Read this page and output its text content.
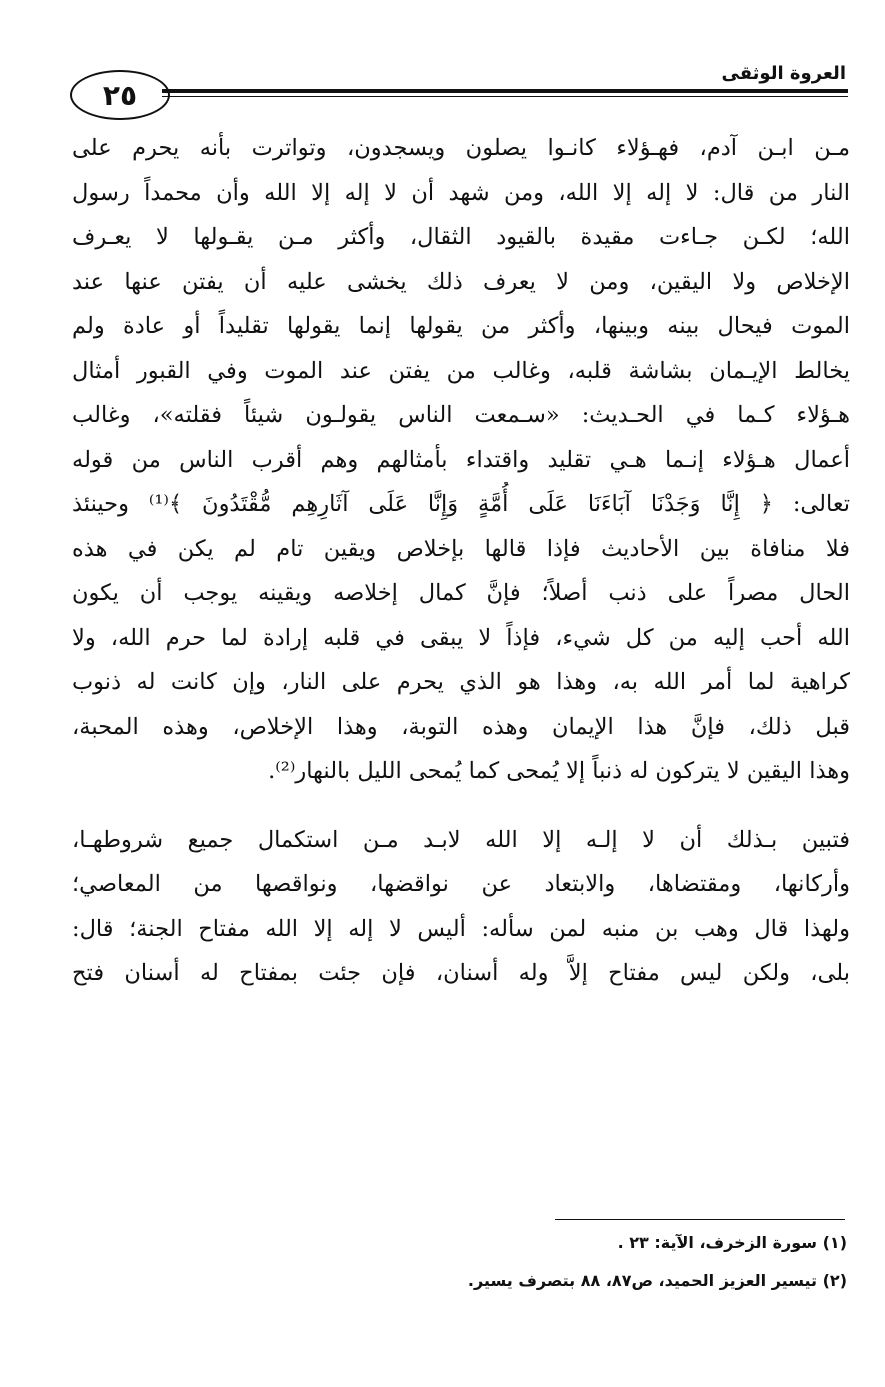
٢٥
العروة الوثقى
مـن ابـن آدم، فهـؤلاء كانـوا يصلون ويسجدون، وتواترت بأنه يحرم على
النار من قال: لا إله إلا الله، ومن شهد أن لا إله إلا الله وأن محمداً رسول
الله؛ لكـن جـاءت مقيدة بالقيود الثقال، وأكثر مـن يقـولها لا يعـرف
الإخلاص ولا اليقين، ومن لا يعرف ذلك يخشى عليه أن يفتن عنها عند
الموت فيحال بينه وبينها، وأكثر من يقولها إنما يقولها تقليداً أو عادة ولم
يخالط الإيـمان بشاشة قلبه، وغالب من يفتن عند الموت وفي القبور أمثال
هـؤلاء كـما في الحـديث: «سـمعت الناس يقولـون شيئاً فقلته»، وغالب
أعمال هـؤلاء إنـما هـي تقليد واقتداء بأمثالهم وهم أقرب الناس من قوله
تعالى: ﴿ إِنَّا وَجَدْنَا آبَاءَنَا عَلَى أُمَّةٍ وَإِنَّا عَلَى آثَارِهِم مُّقْتَدُونَ ﴾⁽¹⁾ وحينئذ
فلا منافاة بين الأحاديث فإذا قالها بإخلاص ويقين تام لم يكن في هذه
الحال مصراً على ذنب أصلاً؛ فإنَّ كمال إخلاصه ويقينه يوجب أن يكون
الله أحب إليه من كل شيء، فإذاً لا يبقى في قلبه إرادة لما حرم الله، ولا
كراهية لما أمر الله به، وهذا هو الذي يحرم على النار، وإن كانت له ذنوب
قبل ذلك، فإنَّ هذا الإيمان وهذه التوبة، وهذا الإخلاص، وهذه المحبة،
وهذا اليقين لا يتركون له ذنباً إلا يُمحى كما يُمحى الليل بالنهار⁽²⁾.
فتبين بـذلك أن لا إلـه إلا الله لابـد مـن استكمال جميع شروطهـا،
وأركانها، ومقتضاها، والابتعاد عن نواقضها، ونواقصها من المعاصي؛
ولهذا قال وهب بن منبه لمن سأله: أليس لا إله إلا الله مفتاح الجنة؛ قال:
بلى، ولكن ليس مفتاح إلاَّ وله أسنان، فإن جئت بمفتاح له أسنان فتح
(١) سورة الزخرف، الآية: ٢٣ .
(٢) تيسير العزيز الحميد، ص٨٧، ٨٨ بتصرف يسير.
